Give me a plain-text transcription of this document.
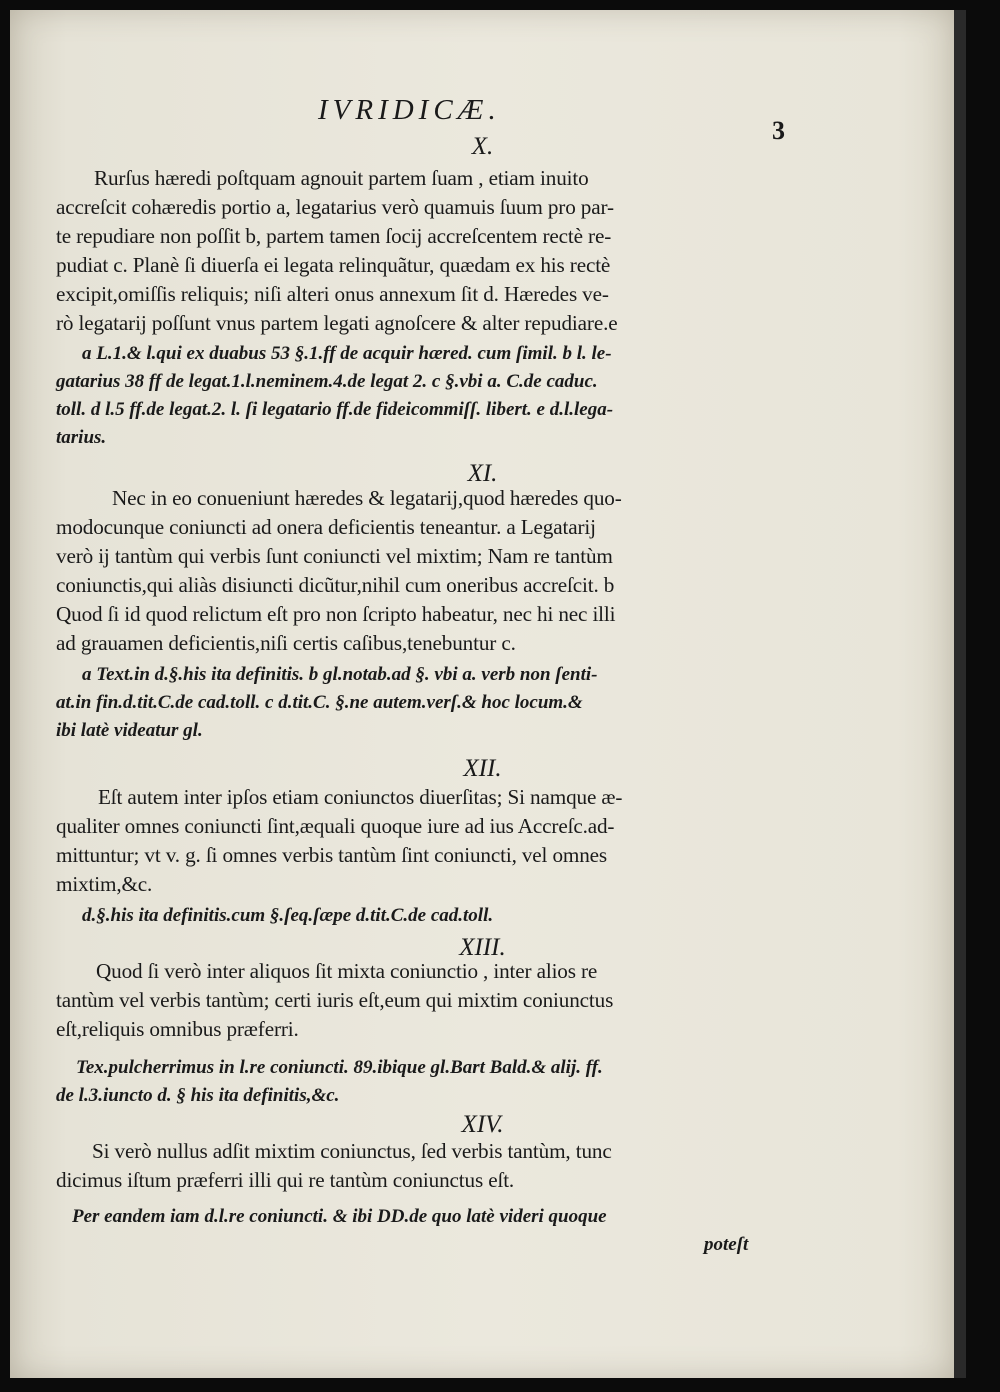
IVRIDICÆ.
3
X.
Rurſus hæredi poſtquam agnouit partem ſuam , etiam inuito
accreſcit cohæredis portio a, legatarius verò quamuis ſuum pro par-
te repudiare non poſſit b, partem tamen ſocij accreſcentem rectè re-
pudiat c. Planè ſi diuerſa ei legata relinquãtur, quædam ex his rectè
excipit,omiſſis reliquis; niſi alteri onus annexum ſit d. Hæredes ve-
rò legatarij poſſunt vnus partem legati agnoſcere & alter repudiare.e
a L.1.& l.qui ex duabus 53 §.1.ff de acquir hæred. cum ſimil. b l. le-
gatarius 38 ff de legat.1.l.neminem.4.de legat 2. c §.vbi a. C.de caduc.
toll. d l.5 ff.de legat.2. l. ſi legatario ff.de fideicommiſſ. libert. e d.l.lega-
tarius.
XI.
Nec in eo conueniunt hæredes & legatarij,quod hæredes quo-
modocunque coniuncti ad onera deficientis teneantur. a Legatarij
verò ij tantùm qui verbis ſunt coniuncti vel mixtim; Nam re tantùm
coniunctis,qui aliàs disiuncti dicũtur,nihil cum oneribus accreſcit. b
Quod ſi id quod relictum eſt pro non ſcripto habeatur, nec hi nec illi
ad grauamen deficientis,niſi certis caſibus,tenebuntur c.
a Text.in d.§.his ita definitis. b gl.notab.ad §. vbi a. verb non ſenti-
at.in fin.d.tit.C.de cad.toll. c d.tit.C. §.ne autem.verſ.& hoc locum.&
ibi latè videatur gl.
XII.
Eſt autem inter ipſos etiam coniunctos diuerſitas; Si namque æ-
qualiter omnes coniuncti ſint,æquali quoque iure ad ius Accreſc.ad-
mittuntur; vt v. g. ſi omnes verbis tantùm ſint coniuncti, vel omnes
mixtim,&c.
d.§.his ita definitis.cum §.ſeq.ſæpe d.tit.C.de cad.toll.
XIII.
Quod ſi verò inter aliquos ſit mixta coniunctio , inter alios re
tantùm vel verbis tantùm; certi iuris eſt,eum qui mixtim coniunctus
eſt,reliquis omnibus præferri.
Tex.pulcherrimus in l.re coniuncti. 89.ibique gl.Bart Bald.& alij. ff.
de l.3.iuncto d. § his ita definitis,&c.
XIV.
Si verò nullus adſit mixtim coniunctus, ſed verbis tantùm, tunc
dicimus iſtum præferri illi qui re tantùm coniunctus eſt.
Per eandem iam d.l.re coniuncti. & ibi DD.de quo latè videri quoque
poteſt
